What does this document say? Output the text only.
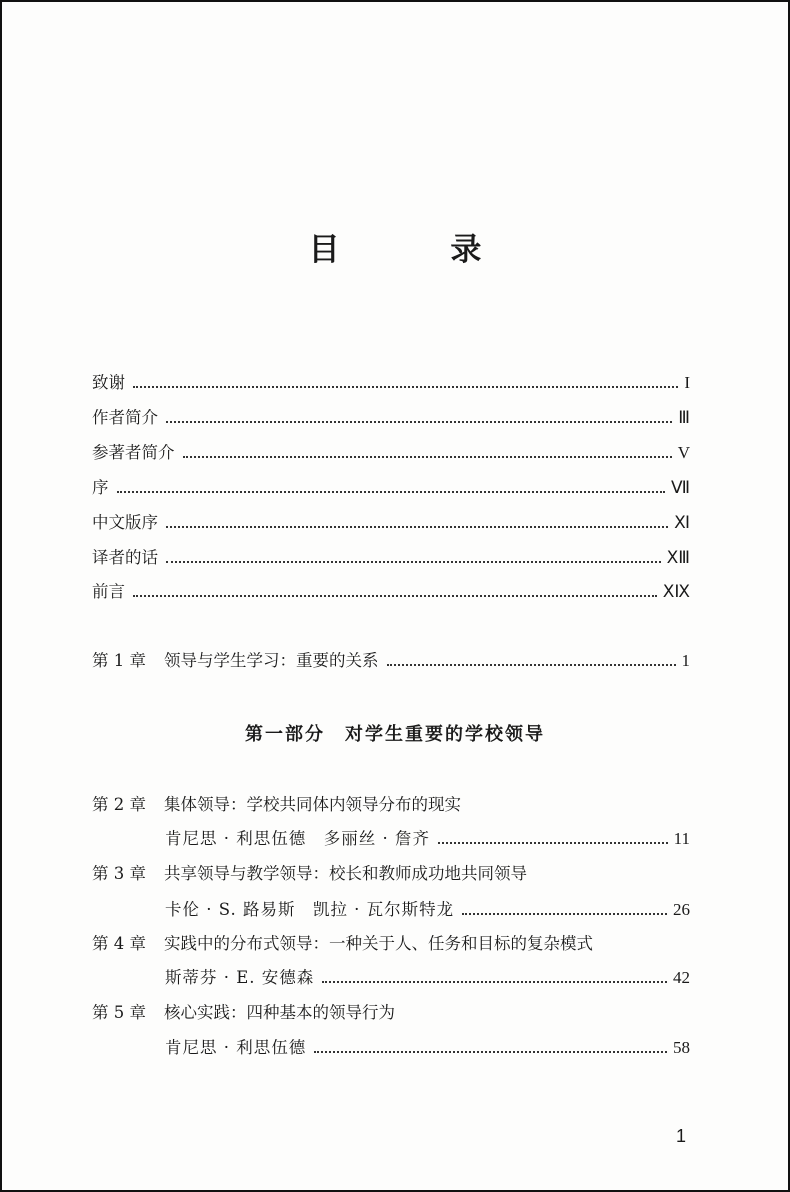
目 录
致谢	I
作者简介	Ⅲ
参著者简介	V
序	Ⅶ
中文版序	Ⅺ
译者的话	ⅩⅢ
前言	ⅩⅨ
第 1 章	领导与学生学习：重要的关系	1
第一部分　对学生重要的学校领导
第 2 章	集体领导：学校共同体内领导分布的现实
肯尼思 · 利思伍德　多丽丝 · 詹齐	11
第 3 章	共享领导与教学领导：校长和教师成功地共同领导
卡伦 · S. 路易斯　凯拉 · 瓦尔斯特龙	26
第 4 章	实践中的分布式领导：一种关于人、任务和目标的复杂模式
斯蒂芬 · E. 安德森	42
第 5 章	核心实践：四种基本的领导行为
肯尼思 · 利思伍德	58
1
